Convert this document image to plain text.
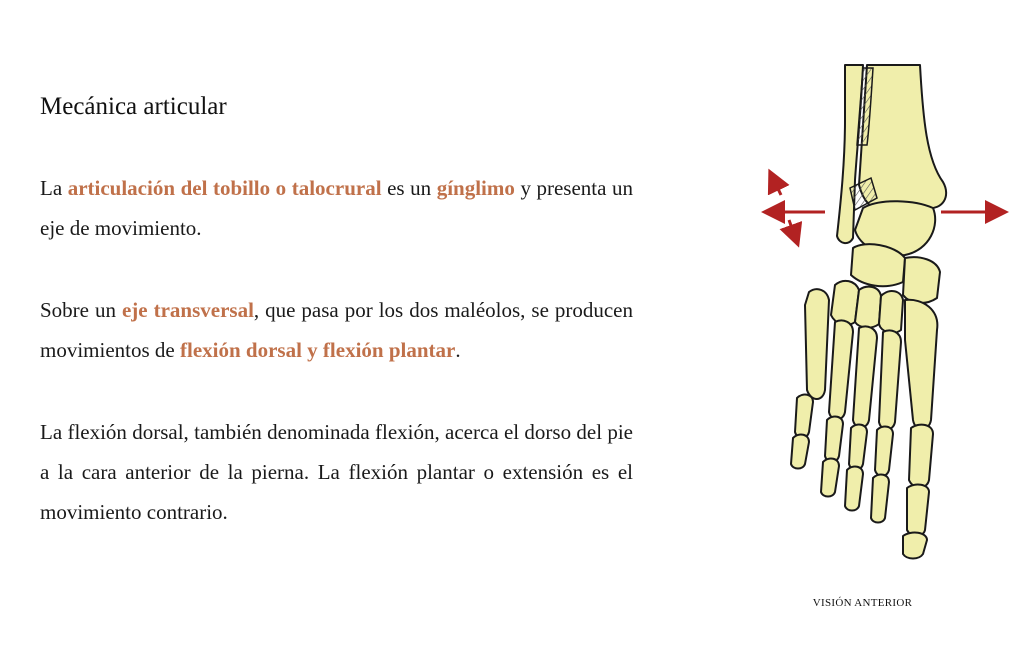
Mecánica articular

La articulación del tobillo o talocrural es un gínglimo y presenta un eje de movimiento.

Sobre un eje transversal, que pasa por los dos maléolos, se producen movimientos de flexión dorsal y flexión plantar.

La flexión dorsal, también denominada flexión, acerca el dorso del pie a la cara anterior de la pierna. La flexión plantar o extensión es el movimiento contrario.

VISIÓN ANTERIOR
